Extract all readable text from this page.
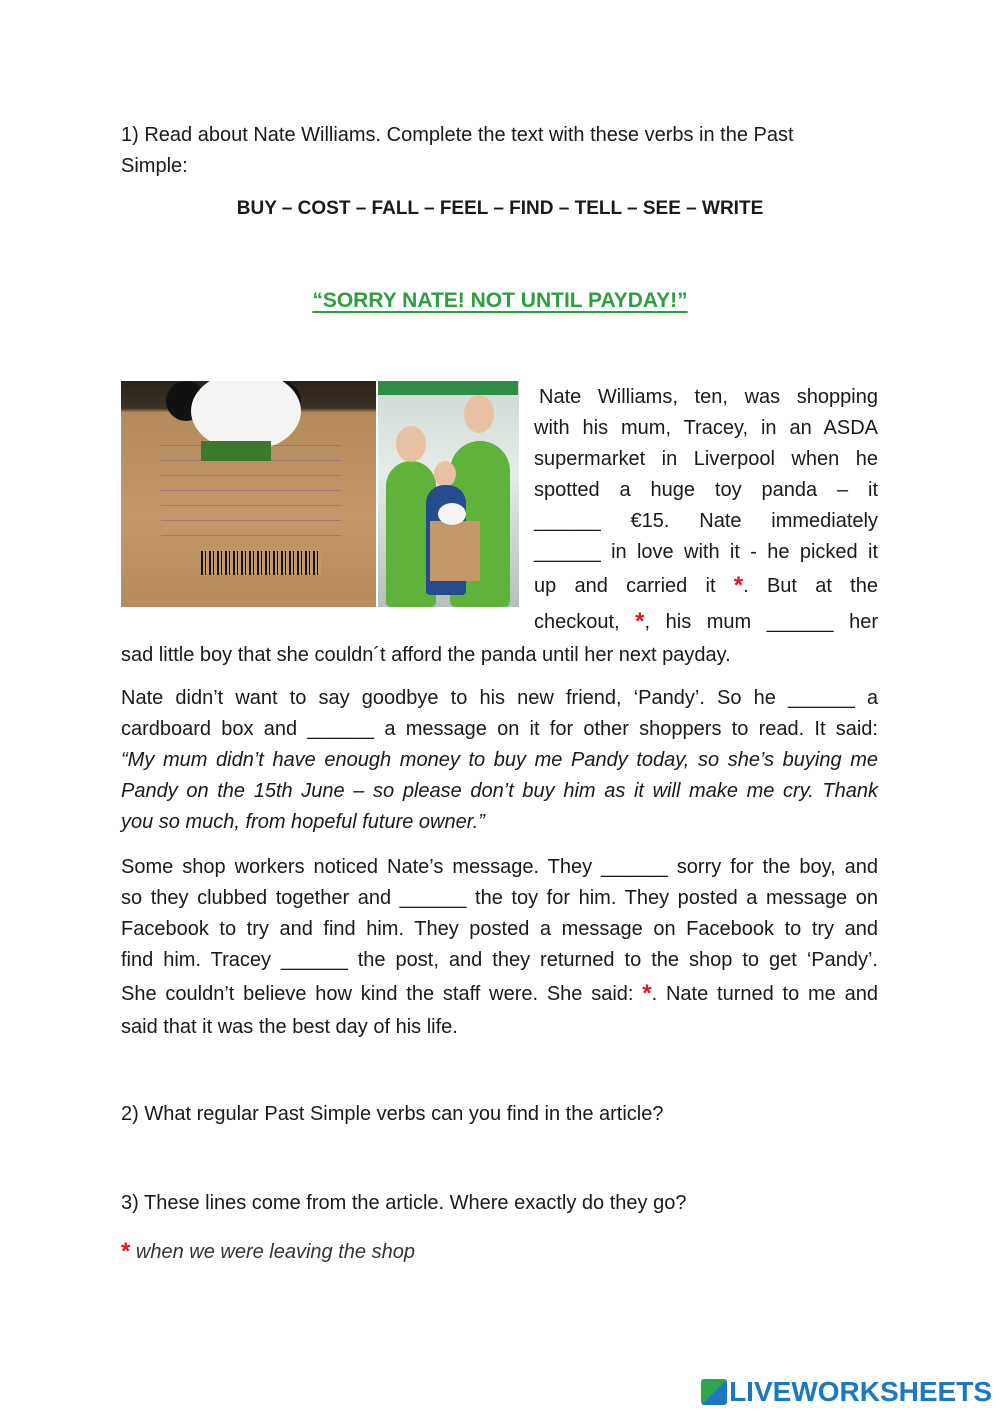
1) Read about Nate Williams. Complete the text with these verbs in the Past
Simple:
BUY – COST – FALL – FEEL – FIND – TELL – SEE – WRITE
“SORRY NATE! NOT UNTIL PAYDAY!”
Nate Williams, ten, was shopping
with his mum, Tracey, in an ASDA
supermarket in Liverpool when he
spotted a huge toy panda – it
______ €15. Nate immediately
______ in love with it - he picked it
up and carried it *. But at the
checkout, *, his mum ______ her
sad little boy that she couldn´t afford the panda until her next payday.
Nate didn’t want to say goodbye to his new friend, ‘Pandy’. So he ______ a
cardboard box and ______ a message on it for other shoppers to read. It said:
“My mum didn’t have enough money to buy me Pandy today, so she’s buying me
Pandy on the 15th June – so please don’t buy him as it will make me cry. Thank
you so much, from hopeful future owner.”
Some shop workers noticed Nate’s message. They ______ sorry for the boy, and
so they clubbed together and ______ the toy for him. They posted a message on
Facebook to try and find him. They posted a message on Facebook to try and
find him. Tracey ______ the post, and they returned to the shop to get ‘Pandy’.
She couldn’t believe how kind the staff were. She said: *. Nate turned to me and
said that it was the best day of his life.
2) What regular Past Simple verbs can you find in the article?
3) These lines come from the article. Where exactly do they go?
* when we were leaving the shop
LIVEWORKSHEETS
